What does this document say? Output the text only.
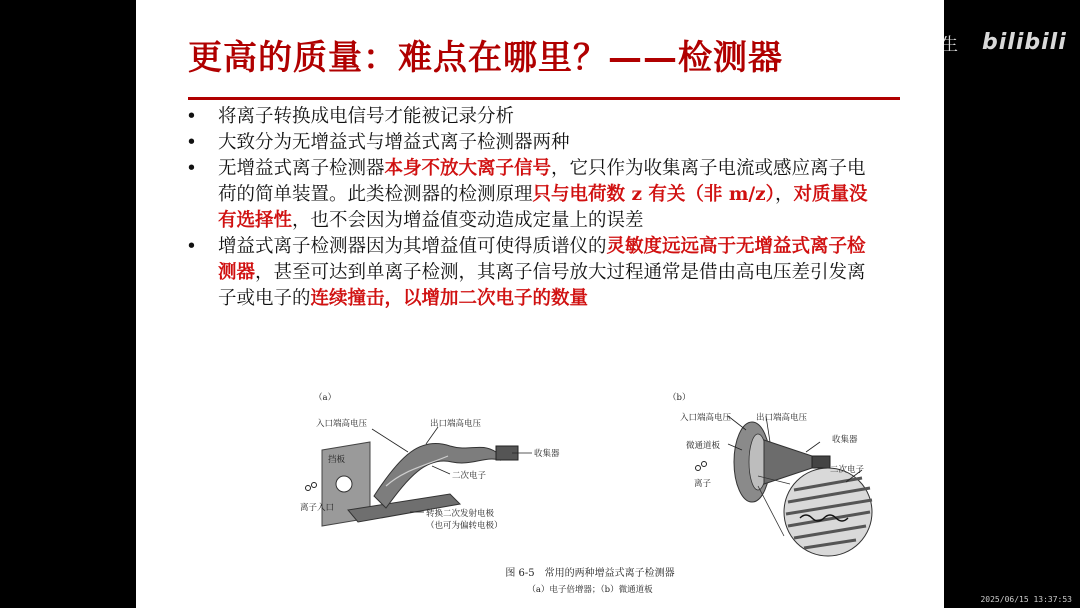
更高的质量：难点在哪里？——检测器
• 将离子转换成电信号才能被记录分析
• 大致分为无增益式与增益式离子检测器两种
• 无增益式离子检测器本身不放大离子信号，它只作为收集离子电流或感应离子电荷的简单装置。此类检测器的检测原理只与电荷数 z 有关（非 m/z），对质量没有选择性，也不会因为增益值变动造成定量上的误差
• 增益式离子检测器因为其增益值可使得质谱仪的灵敏度远远高于无增益式离子检测器，甚至可达到单离子检测，其离子信号放大过程通常是借由高电压差引发离子或电子的连续撞击，以增加二次电子的数量
（a）
入口端高电压	出口端高电压
收集器
挡板
二次电子
离子入口
转换二次发射电极
（也可为偏转电极）
（b）
入口端高电压	出口端高电压
微通道板
收集器
二次电子
离子
图 6-5　常用的两种增益式离子检测器
（a）电子倍增器；（b）微通道板
逍舟安生 bilibili
2025/06/15 13:37:53
